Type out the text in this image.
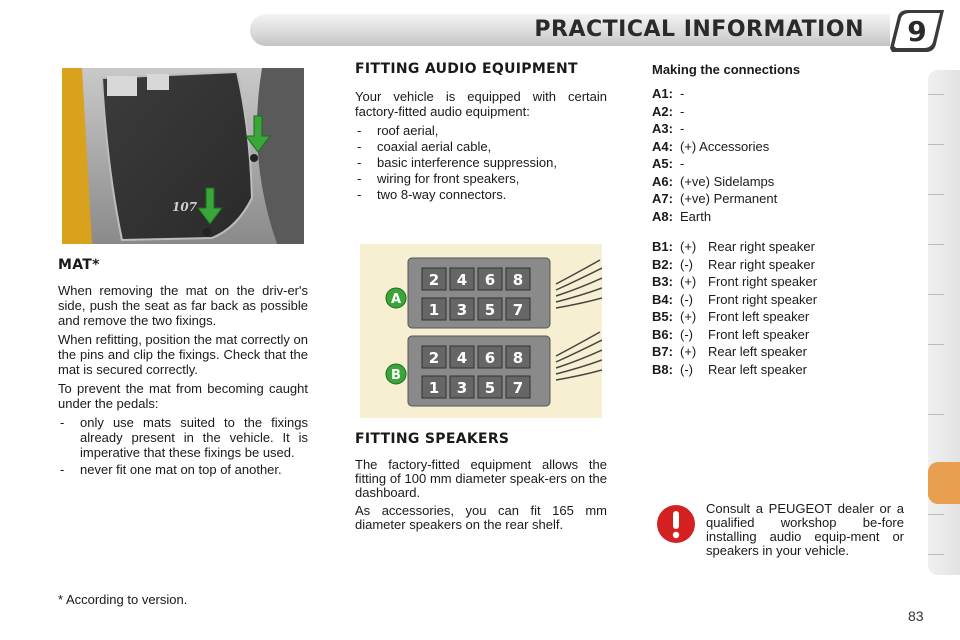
PRACTICAL INFORMATION 9
107
MAT*
When removing the mat on the driv-er's side, push the seat as far back as possible and remove the two fixings.
When refitting, position the mat correctly on the pins and clip the fixings. Check that the mat is secured correctly.
To prevent the mat from becoming caught under the pedals:
- only use mats suited to the fixings already present in the vehicle. It is imperative that these fixings be used.
- never fit one mat on top of another.
FITTING AUDIO EQUIPMENT
Your vehicle is equipped with certain factory-fitted audio equipment:
- roof aerial,
- coaxial aerial cable,
- basic interference suppression,
- wiring for front speakers,
- two 8-way connectors.
2 4 6 8
1 3 5 7
2 4 6 8
1 3 5 7
A
B
FITTING SPEAKERS
The factory-fitted equipment allows the fitting of 100 mm diameter speak-ers on the dashboard.
As accessories, you can fit 165 mm diameter speakers on the rear shelf.
Making the connections
A1: -
A2: -
A3: -
A4: (+) Accessories
A5: -
A6: (+ve) Sidelamps
A7: (+ve) Permanent
A8: Earth
B1: (+) Rear right speaker
B2: (-) Rear right speaker
B3: (+) Front right speaker
B4: (-) Front right speaker
B5: (+) Front left speaker
B6: (-) Front left speaker
B7: (+) Rear left speaker
B8: (-) Rear left speaker
Consult a PEUGEOT dealer or a qualified workshop be-fore installing audio equip-ment or speakers in your vehicle.
* According to version.
83
